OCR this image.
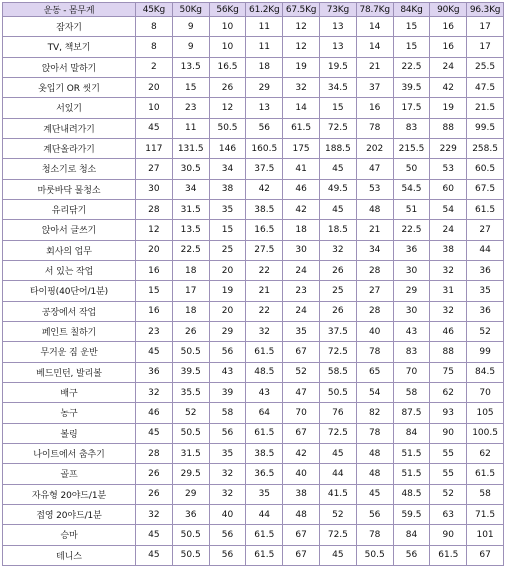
운동 - 몸무게	45Kg	50Kg	56Kg	61.2Kg	67.5Kg	73Kg	78.7Kg	84Kg	90Kg	96.3Kg
잠자기	8	9	10	11	12	13	14	15	16	17
TV, 책보기	8	9	10	11	12	13	14	15	16	17
앉아서 말하기	2	13.5	16.5	18	19	19.5	21	22.5	24	25.5
옷입기 OR 씻기	20	15	26	29	32	34.5	37	39.5	42	47.5
서있기	10	23	12	13	14	15	16	17.5	19	21.5
계단내려가기	45	11	50.5	56	61.5	72.5	78	83	88	99.5
계단올라가기	117	131.5	146	160.5	175	188.5	202	215.5	229	258.5
청소기로 청소	27	30.5	34	37.5	41	45	47	50	53	60.5
마룻바닥 물청소	30	34	38	42	46	49.5	53	54.5	60	67.5
유리닦기	28	31.5	35	38.5	42	45	48	51	54	61.5
앉아서 글쓰기	12	13.5	15	16.5	18	18.5	21	22.5	24	27
회사의 업무	20	22.5	25	27.5	30	32	34	36	38	44
서 있는 작업	16	18	20	22	24	26	28	30	32	36
타이핑(40단어/1분)	15	17	19	21	23	25	27	29	31	35
공장에서 작업	16	18	20	22	24	26	28	30	32	36
페인트 칠하기	23	26	29	32	35	37.5	40	43	46	52
무거운 짐 운반	45	50.5	56	61.5	67	72.5	78	83	88	99
베드민턴, 발리볼	36	39.5	43	48.5	52	58.5	65	70	75	84.5
배구	32	35.5	39	43	47	50.5	54	58	62	70
농구	46	52	58	64	70	76	82	87.5	93	105
볼링	45	50.5	56	61.5	67	72.5	78	84	90	100.5
나이트에서 춤추기	28	31.5	35	38.5	42	45	48	51.5	55	62
골프	26	29.5	32	36.5	40	44	48	51.5	55	61.5
자유형 20야드/1분	26	29	32	35	38	41.5	45	48.5	52	58
접영 20야드/1분	32	36	40	44	48	52	56	59.5	63	71.5
승마	45	50.5	56	61.5	67	72.5	78	84	90	101
테니스	45	50.5	56	61.5	67	45	50.5	56	61.5	67
